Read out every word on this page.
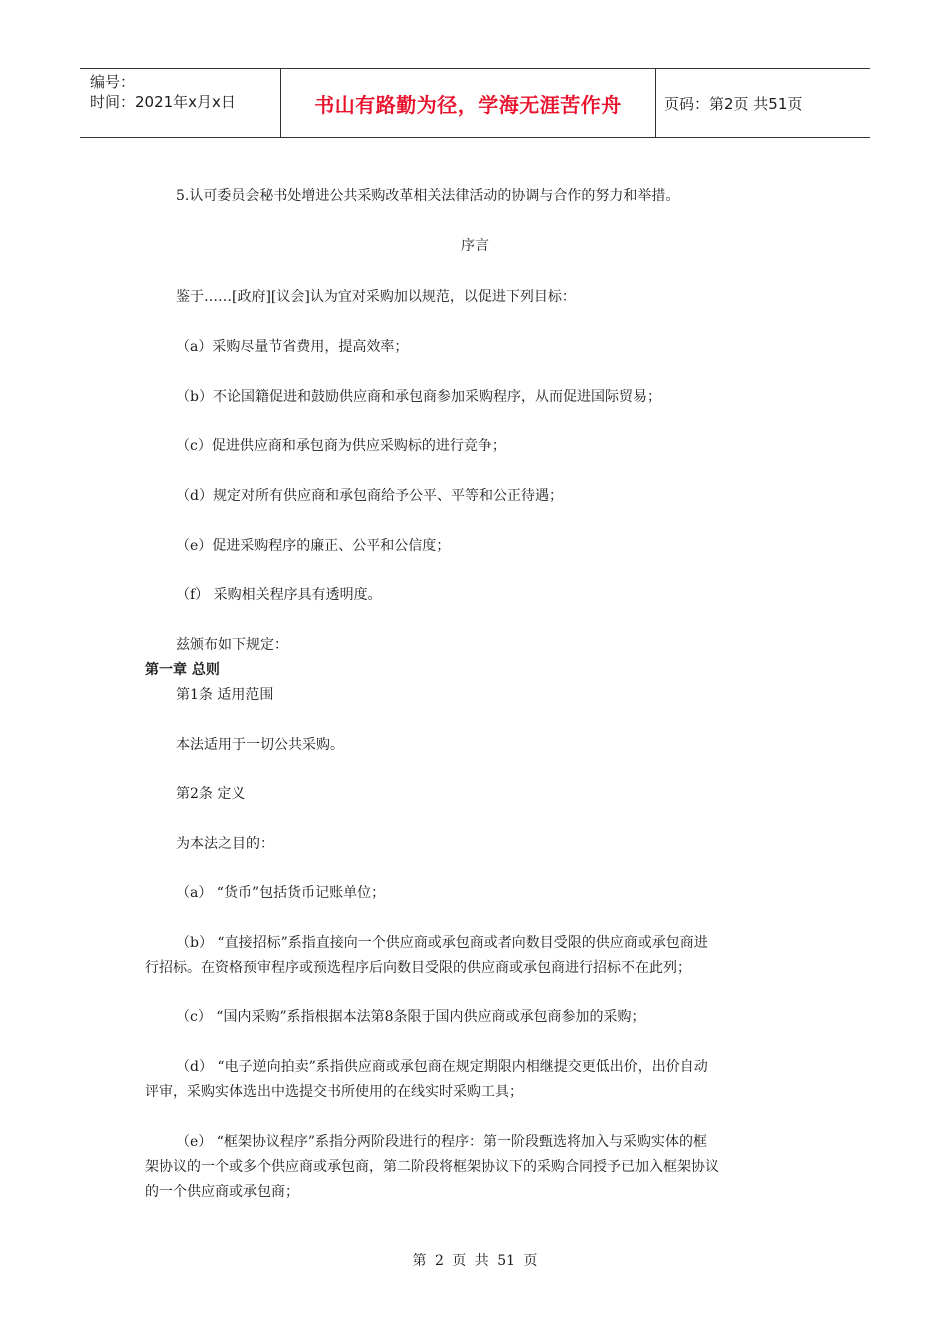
编号：
时间：2021年x月x日	书山有路勤为径，学海无涯苦作舟	页码：第2页 共51页
5.认可委员会秘书处增进公共采购改革相关法律活动的协调与合作的努力和举措。
序言
鉴于……[政府][议会]认为宜对采购加以规范，以促进下列目标：
（a）采购尽量节省费用，提高效率；
（b）不论国籍促进和鼓励供应商和承包商参加采购程序，从而促进国际贸易；
（c）促进供应商和承包商为供应采购标的进行竞争；
（d）规定对所有供应商和承包商给予公平、平等和公正待遇；
（e）促进采购程序的廉正、公平和公信度；
（f） 采购相关程序具有透明度。
兹颁布如下规定：
第一章 总则
第1条 适用范围
本法适用于一切公共采购。
第2条 定义
为本法之目的：
（a） “货币”包括货币记账单位；
（b） “直接招标”系指直接向一个供应商或承包商或者向数目受限的供应商或承包商进
行招标。在资格预审程序或预选程序后向数目受限的供应商或承包商进行招标不在此列；
（c） “国内采购”系指根据本法第8条限于国内供应商或承包商参加的采购；
（d） “电子逆向拍卖”系指供应商或承包商在规定期限内相继提交更低出价，出价自动
评审，采购实体选出中选提交书所使用的在线实时采购工具；
（e） “框架协议程序”系指分两阶段进行的程序：第一阶段甄选将加入与采购实体的框
架协议的一个或多个供应商或承包商，第二阶段将框架协议下的采购合同授予已加入框架协议
的一个供应商或承包商；
第 2 页 共 51 页
